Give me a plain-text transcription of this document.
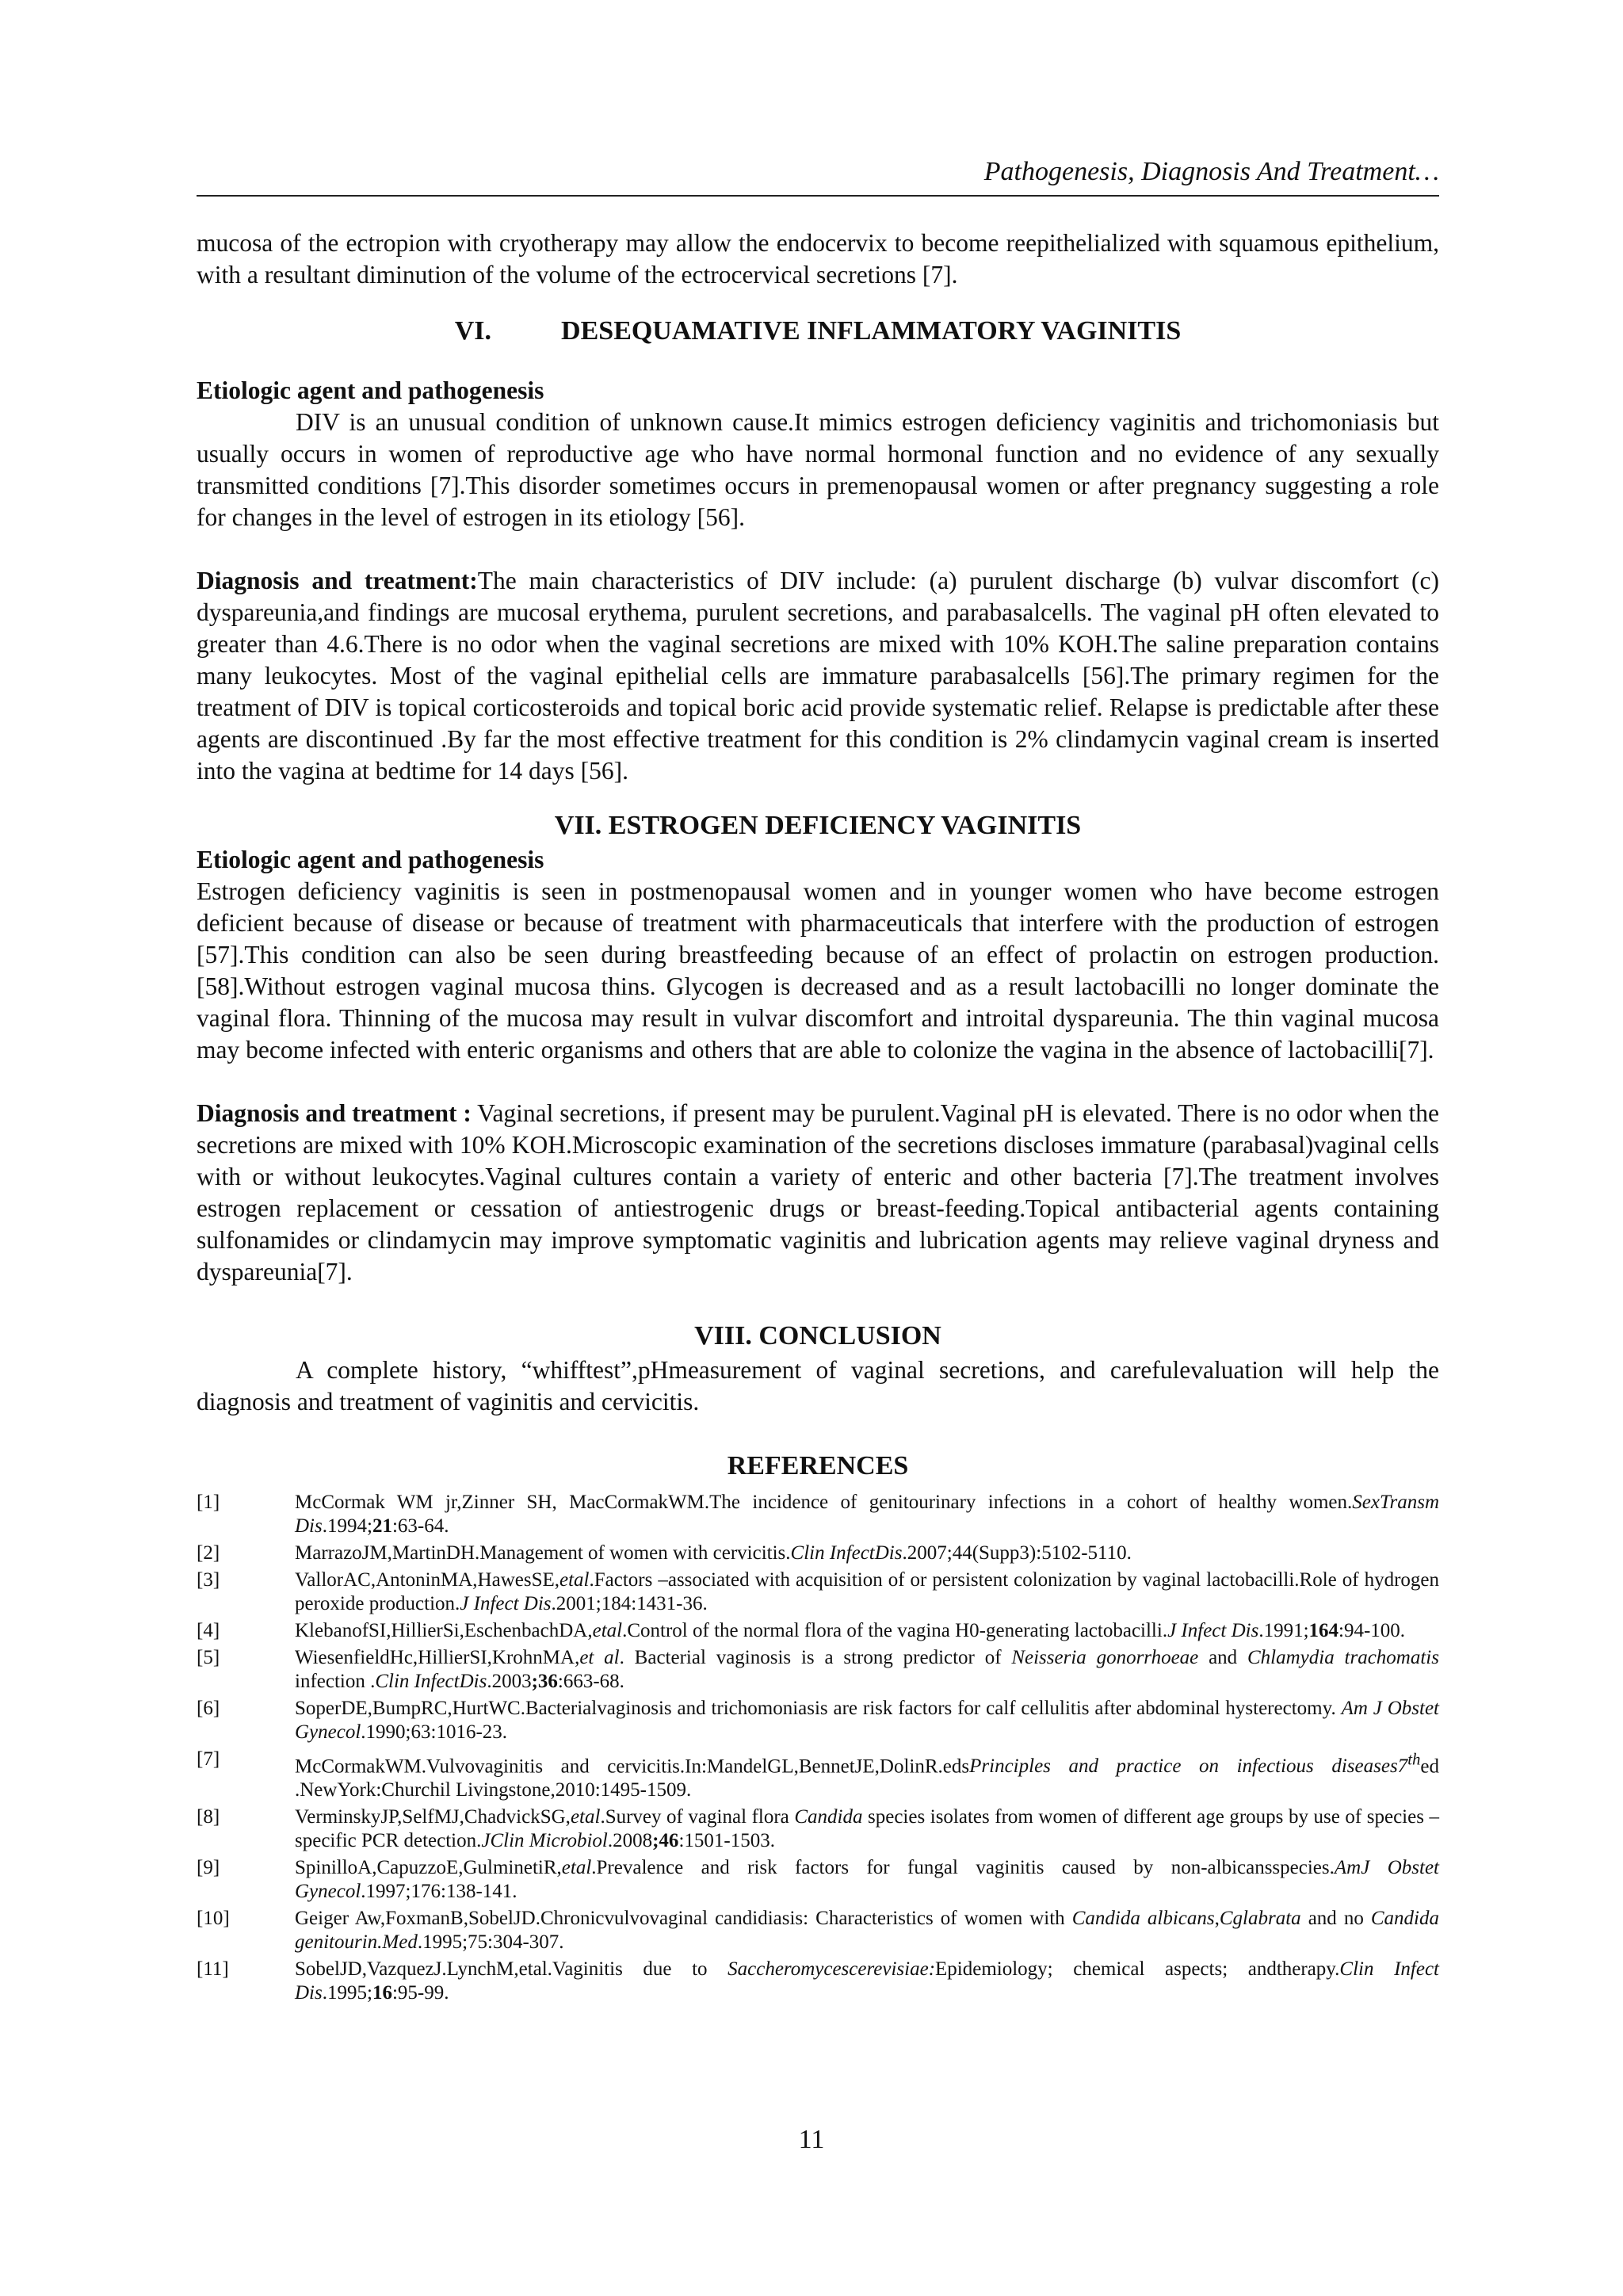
Pathogenesis, Diagnosis And Treatment…

mucosa of the ectropion with cryotherapy may allow the endocervix to become reepithelialized with squamous epithelium, with a resultant diminution of the volume of the ectrocervical secretions [7].

VI.	DESEQUAMATIVE INFLAMMATORY VAGINITIS
Etiologic agent and pathogenesis

DIV is an unusual condition of unknown cause.It mimics estrogen deficiency vaginitis and trichomoniasis but usually occurs in women of reproductive age who have normal hormonal function and no evidence of any sexually transmitted conditions [7].This disorder sometimes occurs in premenopausal women or after pregnancy suggesting a role for changes in the level of estrogen in its etiology [56].

Diagnosis and treatment:The main characteristics of DIV include: (a) purulent discharge (b) vulvar discomfort (c) dyspareunia,and findings are mucosal erythema, purulent secretions, and parabasalcells. The vaginal pH often elevated to greater than 4.6.There is no odor when the vaginal secretions are mixed with 10% KOH.The saline preparation contains many leukocytes. Most of the vaginal epithelial cells are immature parabasalcells [56].The primary regimen for the treatment of DIV is topical corticosteroids and topical boric acid provide systematic relief. Relapse is predictable after these agents are discontinued .By far the most effective treatment for this condition is 2% clindamycin vaginal cream is inserted into the vagina at bedtime for 14 days [56].

VII. ESTROGEN DEFICIENCY VAGINITIS
Etiologic agent and pathogenesis

Estrogen deficiency vaginitis is seen in postmenopausal women and in younger women who have become estrogen deficient because of disease or because of treatment with pharmaceuticals that interfere with the production of estrogen [57].This condition can also be seen during breastfeeding because of an effect of prolactin on estrogen production. [58].Without estrogen vaginal mucosa thins. Glycogen is decreased and as a result lactobacilli no longer dominate the vaginal flora. Thinning of the mucosa may result in vulvar discomfort and introital dyspareunia. The thin vaginal mucosa may become infected with enteric organisms and others that are able to colonize the vagina in the absence of lactobacilli[7].

Diagnosis and treatment : Vaginal secretions, if present may be purulent.Vaginal pH is elevated. There is no odor when the secretions are mixed with 10% KOH.Microscopic examination of the secretions discloses immature (parabasal)vaginal cells with or without leukocytes.Vaginal cultures contain a variety of enteric and other bacteria [7].The treatment involves estrogen replacement or cessation of antiestrogenic drugs or breast-feeding.Topical antibacterial agents containing sulfonamides or clindamycin may improve symptomatic vaginitis and lubrication agents may relieve vaginal dryness and dyspareunia[7].

VIII. CONCLUSION

A complete history, “whifftest”,pHmeasurement of vaginal secretions, and carefulevaluation will help the diagnosis and treatment of vaginitis and cervicitis.

REFERENCES
[1]	McCormak WM jr,Zinner SH, MacCormakWM.The incidence of genitourinary infections in a cohort of healthy women.SexTransm Dis.1994;21:63-64.
[2]	MarrazoJM,MartinDH.Management of women with cervicitis.Clin InfectDis.2007;44(Supp3):5102-5110.
[3]	VallorAC,AntoninMA,HawesSE,etal.Factors –associated with acquisition of or persistent colonization by vaginal lactobacilli.Role of hydrogen peroxide production.J Infect Dis.2001;184:1431-36.
[4]	KlebanofSI,HillierSi,EschenbachDA,etal.Control of the normal flora of the vagina H0-generating lactobacilli.J Infect Dis.1991;164:94-100.
[5]	WiesenfieldHc,HillierSI,KrohnMA,et al. Bacterial vaginosis is a strong predictor of Neisseria gonorrhoeae and Chlamydia trachomatis infection .Clin InfectDis.2003;36:663-68.
[6]	SoperDE,BumpRC,HurtWC.Bacterialvaginosis and trichomoniasis are risk factors for calf cellulitis after abdominal hysterectomy. Am J Obstet Gynecol.1990;63:1016-23.
[7]	McCormakWM.Vulvovaginitis and cervicitis.In:MandelGL,BennetJE,DolinR.edsPrinciples and practice on infectious diseases7thed .NewYork:Churchil Livingstone,2010:1495-1509.
[8]	VerminskyJP,SelfMJ,ChadvickSG,etal.Survey of vaginal flora Candida species isolates from women of different age groups by use of species –specific PCR detection.JClin Microbiol.2008;46:1501-1503.
[9]	SpinilloA,CapuzzoE,GulminetiR,etal.Prevalence and risk factors for fungal vaginitis caused by non-albicansspecies.AmJ Obstet Gynecol.1997;176:138-141.
[10]	Geiger Aw,FoxmanB,SobelJD.Chronicvulvovaginal candidiasis: Characteristics of women with Candida albicans,Cglabrata and no Candida genitourin.Med.1995;75:304-307.
[11]	SobelJD,VazquezJ.LynchM,etal.Vaginitis due to Saccheromycescerevisiae:Epidemiology; chemical aspects; andtherapy.Clin Infect Dis.1995;16:95-99.
11
